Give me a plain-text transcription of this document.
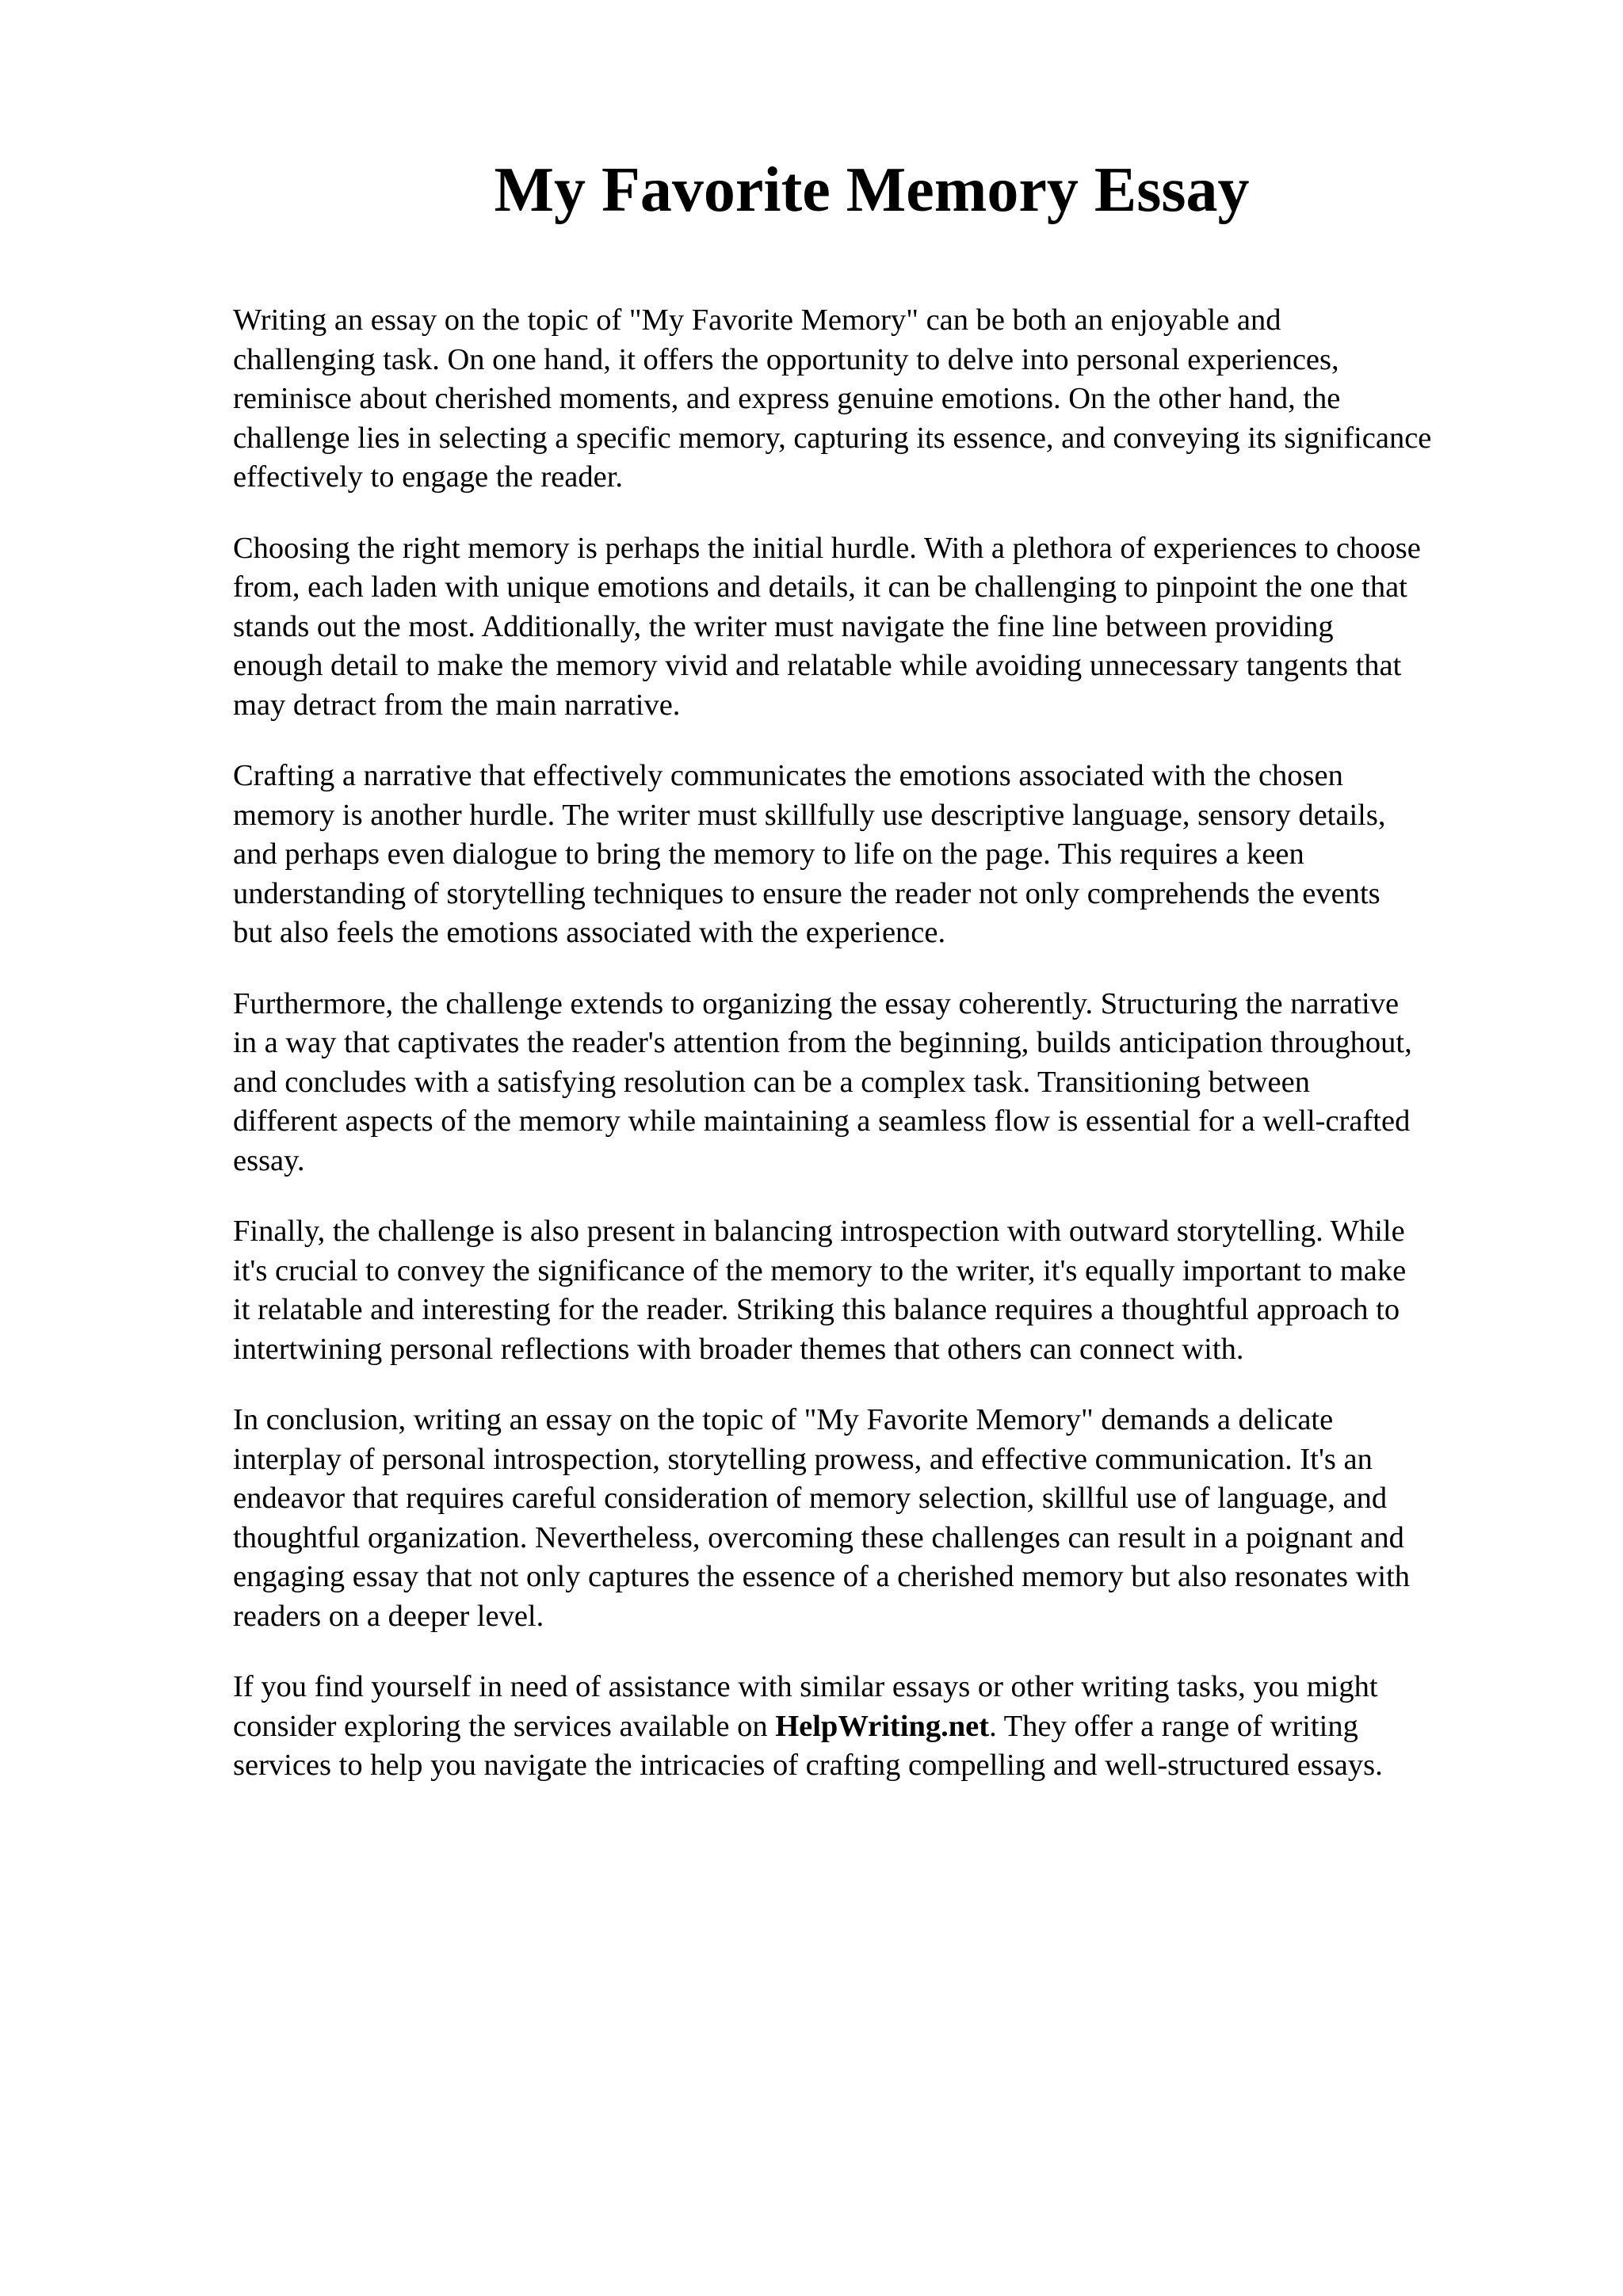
My Favorite Memory Essay

Writing an essay on the topic of "My Favorite Memory" can be both an enjoyable and
challenging task. On one hand, it offers the opportunity to delve into personal experiences,
reminisce about cherished moments, and express genuine emotions. On the other hand, the
challenge lies in selecting a specific memory, capturing its essence, and conveying its significance
effectively to engage the reader.

Choosing the right memory is perhaps the initial hurdle. With a plethora of experiences to choose
from, each laden with unique emotions and details, it can be challenging to pinpoint the one that
stands out the most. Additionally, the writer must navigate the fine line between providing
enough detail to make the memory vivid and relatable while avoiding unnecessary tangents that
may detract from the main narrative.

Crafting a narrative that effectively communicates the emotions associated with the chosen
memory is another hurdle. The writer must skillfully use descriptive language, sensory details,
and perhaps even dialogue to bring the memory to life on the page. This requires a keen
understanding of storytelling techniques to ensure the reader not only comprehends the events
but also feels the emotions associated with the experience.

Furthermore, the challenge extends to organizing the essay coherently. Structuring the narrative
in a way that captivates the reader's attention from the beginning, builds anticipation throughout,
and concludes with a satisfying resolution can be a complex task. Transitioning between
different aspects of the memory while maintaining a seamless flow is essential for a well-crafted
essay.

Finally, the challenge is also present in balancing introspection with outward storytelling. While
it's crucial to convey the significance of the memory to the writer, it's equally important to make
it relatable and interesting for the reader. Striking this balance requires a thoughtful approach to
intertwining personal reflections with broader themes that others can connect with.

In conclusion, writing an essay on the topic of "My Favorite Memory" demands a delicate
interplay of personal introspection, storytelling prowess, and effective communication. It's an
endeavor that requires careful consideration of memory selection, skillful use of language, and
thoughtful organization. Nevertheless, overcoming these challenges can result in a poignant and
engaging essay that not only captures the essence of a cherished memory but also resonates with
readers on a deeper level.

If you find yourself in need of assistance with similar essays or other writing tasks, you might
consider exploring the services available on HelpWriting.net. They offer a range of writing
services to help you navigate the intricacies of crafting compelling and well-structured essays.
